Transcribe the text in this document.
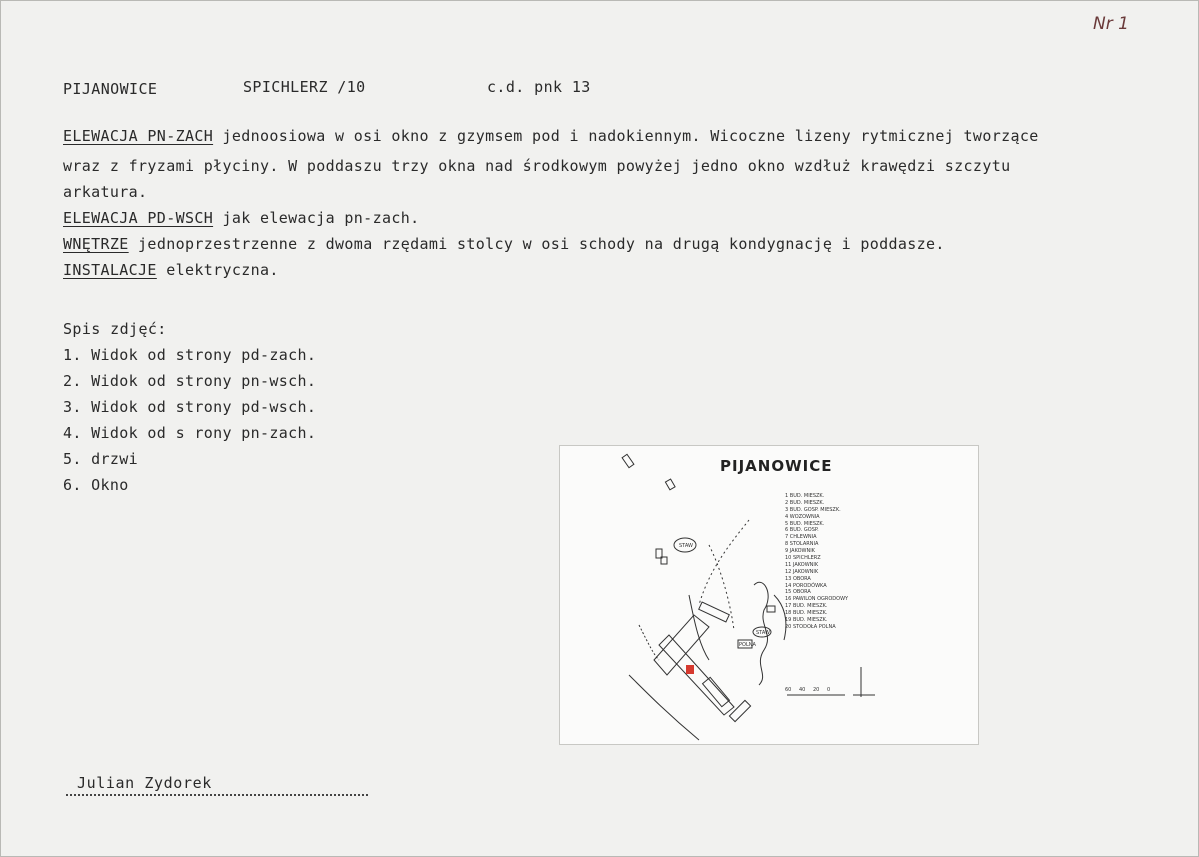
Nr 1
PIJANOWICE	SPICHLERZ /10	c.d. pnk 13
ELEWACJA PN-ZACH jednoosiowa w osi okno z gzymsem pod i nadokiennym. Wicoczne lizeny rytmicznej tworzące
wraz z fryzami płyciny. W poddaszu trzy okna nad środkowym powyżej jedno okno wzdłuż krawędzi szczytu
arkatura.
ELEWACJA PD-WSCH jak elewacja pn-zach.
WNĘTRZE jednoprzestrzenne z dwoma rzędami stolcy w osi schody na drugą kondygnację i poddasze.
INSTALACJE elektryczna.
Spis zdjęć:
1. Widok od strony pd-zach.
2. Widok od strony pn-wsch.
3. Widok od strony pd-wsch.
4. Widok od s rony pn-zach.
5. drzwi
6. Okno
STAW
STAW
POLNA
60 40 20 0
PIJANOWICE
1 BUD. MIESZK.
2 BUD. MIESZK.
3 BUD. GOSP. MIESZK.
4 WOZOWNIA
5 BUD. MIESZK.
6 BUD. GOSP.
7 CHLEWNIA
8 STOLARNIA
9 JAKOWNIK
10 SPICHLERZ
11 JAKOWNIK
12 JAKOWNIK
13 OBORA
14 PORODÓWKA
15 OBORA
16 PAWILON OGRODOWY
17 BUD. MIESZK.
18 BUD. MIESZK.
19 BUD. MIESZK.
20 STODOŁA POLNA
Julian Zydorek
